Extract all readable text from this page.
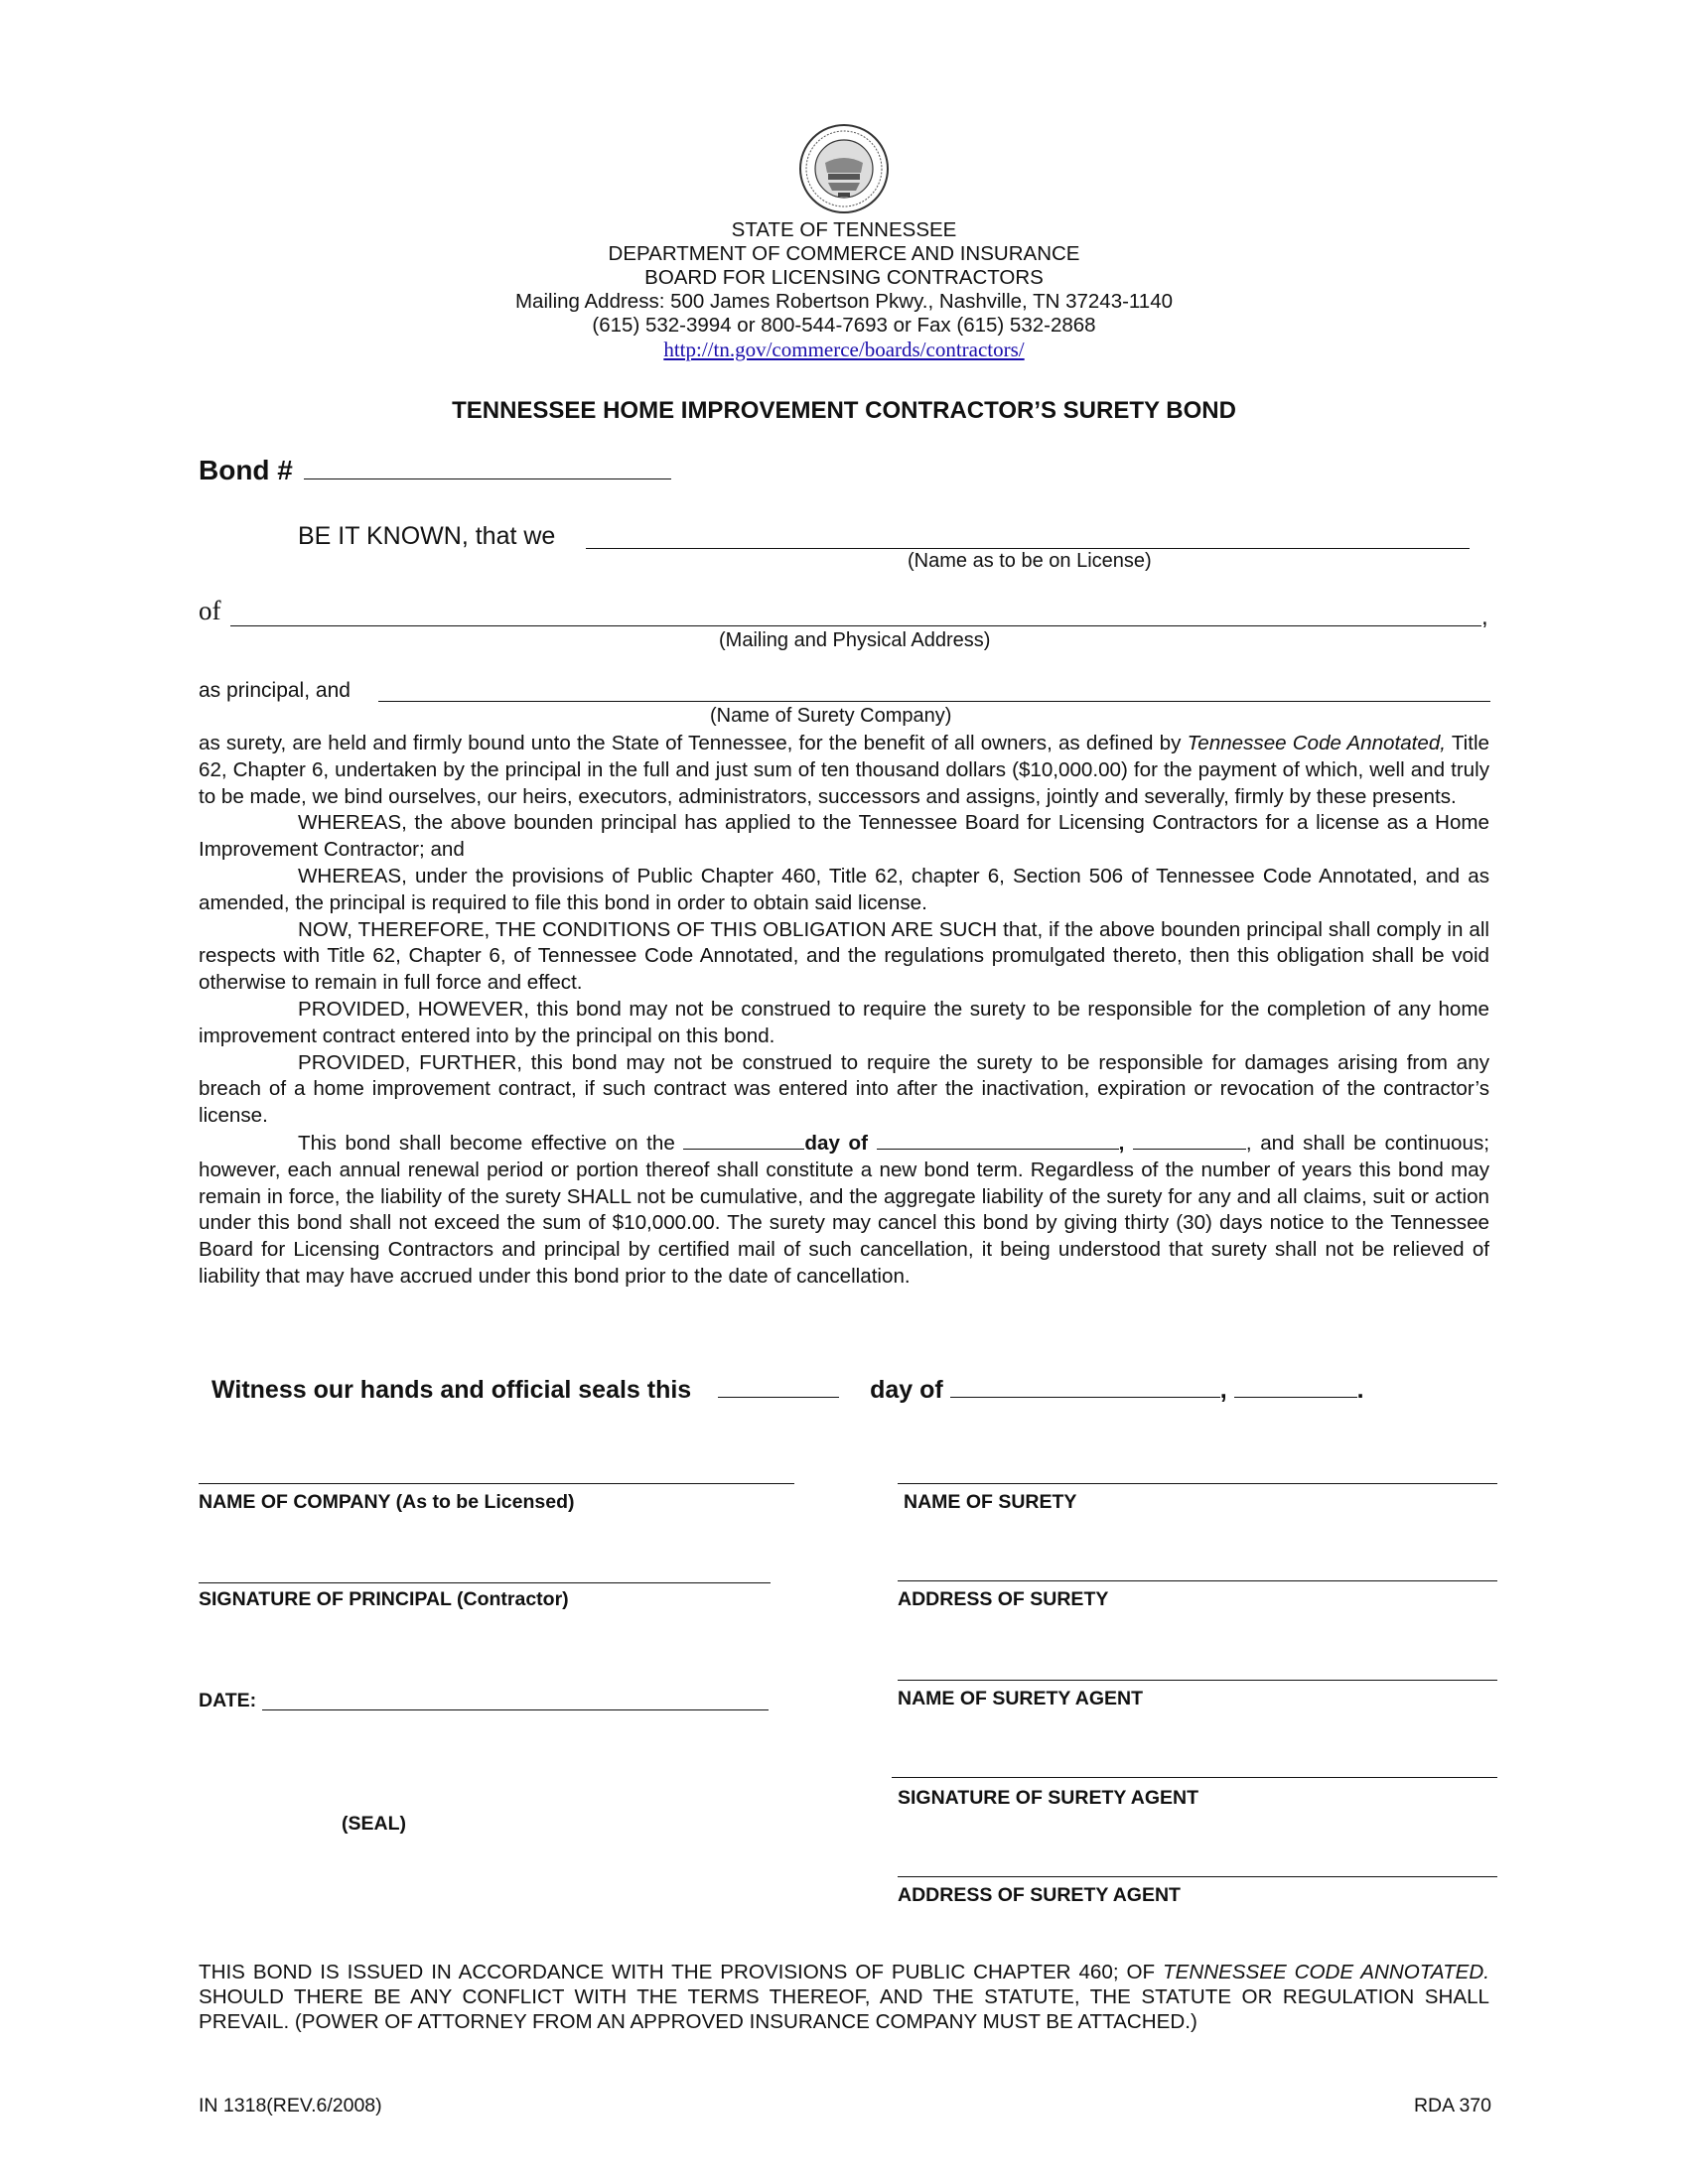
STATE OF TENNESSEE
DEPARTMENT OF COMMERCE AND INSURANCE
BOARD FOR LICENSING CONTRACTORS
Mailing Address: 500 James Robertson Pkwy., Nashville, TN 37243-1140
(615) 532-3994 or 800-544-7693 or Fax (615) 532-2868
http://tn.gov/commerce/boards/contractors/
TENNESSEE HOME IMPROVEMENT CONTRACTOR’S SURETY BOND
Bond #
BE IT KNOWN, that we
(Name as to be on License)
of	,
(Mailing and Physical Address)
as principal, and
(Name of Surety Company)

as surety, are held and firmly bound unto the State of Tennessee, for the benefit of all owners, as defined by Tennessee Code Annotated, Title 62, Chapter 6, undertaken by the principal in the full and just sum of ten thousand dollars ($10,000.00) for the payment of which, well and truly to be made, we bind ourselves, our heirs, executors, administrators, successors and assigns, jointly and severally, firmly by these presents.

WHEREAS, the above bounden principal has applied to the Tennessee Board for Licensing Contractors for a license as a Home Improvement Contractor; and

WHEREAS, under the provisions of Public Chapter 460, Title 62, chapter 6, Section 506 of Tennessee Code Annotated, and as amended, the principal is required to file this bond in order to obtain said license.

NOW, THEREFORE, THE CONDITIONS OF THIS OBLIGATION ARE SUCH that, if the above bounden principal shall comply in all respects with Title 62, Chapter 6, of Tennessee Code Annotated, and the regulations promulgated thereto, then this obligation shall be void otherwise to remain in full force and effect.

PROVIDED, HOWEVER, this bond may not be construed to require the surety to be responsible for the completion of any home improvement contract entered into by the principal on this bond.

PROVIDED, FURTHER, this bond may not be construed to require the surety to be responsible for damages arising from any breach of a home improvement contract, if such contract was entered into after the inactivation, expiration or revocation of the contractor’s license.

This bond shall become effective on the	day of	,	, and shall be continuous; however, each annual renewal period or portion thereof shall constitute a new bond term. Regardless of the number of years this bond may remain in force, the liability of the surety SHALL not be cumulative, and the aggregate liability of the surety for any and all claims, suit or action under this bond shall not exceed the sum of $10,000.00. The surety may cancel this bond by giving thirty (30) days notice to the Tennessee Board for Licensing Contractors and principal by certified mail of such cancellation, it being understood that surety shall not be relieved of liability that may have accrued under this bond prior to the date of cancellation.

Witness our hands and official seals this	day of	,	.
NAME OF COMPANY (As to be Licensed)
SIGNATURE OF PRINCIPAL (Contractor)
DATE:
(SEAL)
NAME OF SURETY
ADDRESS OF SURETY
NAME OF SURETY AGENT
SIGNATURE OF SURETY AGENT
ADDRESS OF SURETY AGENT
THIS BOND IS ISSUED IN ACCORDANCE WITH THE PROVISIONS OF PUBLIC CHAPTER 460; OF TENNESSEE CODE ANNOTATED. SHOULD THERE BE ANY CONFLICT WITH THE TERMS THEREOF, AND THE STATUTE, THE STATUTE OR REGULATION SHALL PREVAIL. (POWER OF ATTORNEY FROM AN APPROVED INSURANCE COMPANY MUST BE ATTACHED.)
IN 1318(REV.6/2008)	RDA 370
